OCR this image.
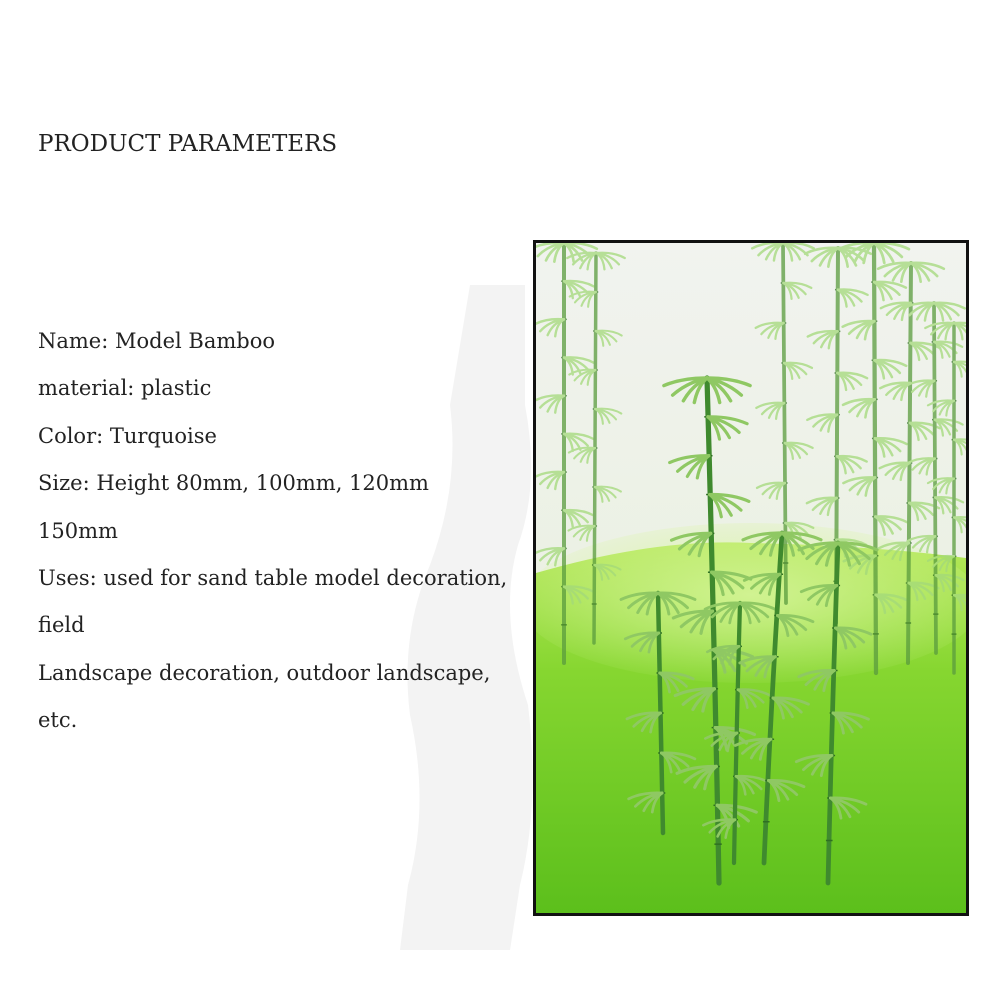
PRODUCT PARAMETERS
Name: Model Bamboo
material: plastic
Color: Turquoise
Size: Height 80mm, 100mm, 120mm
150mm
Uses: used for sand table model decoration,
field
Landscape decoration, outdoor landscape,
etc.
